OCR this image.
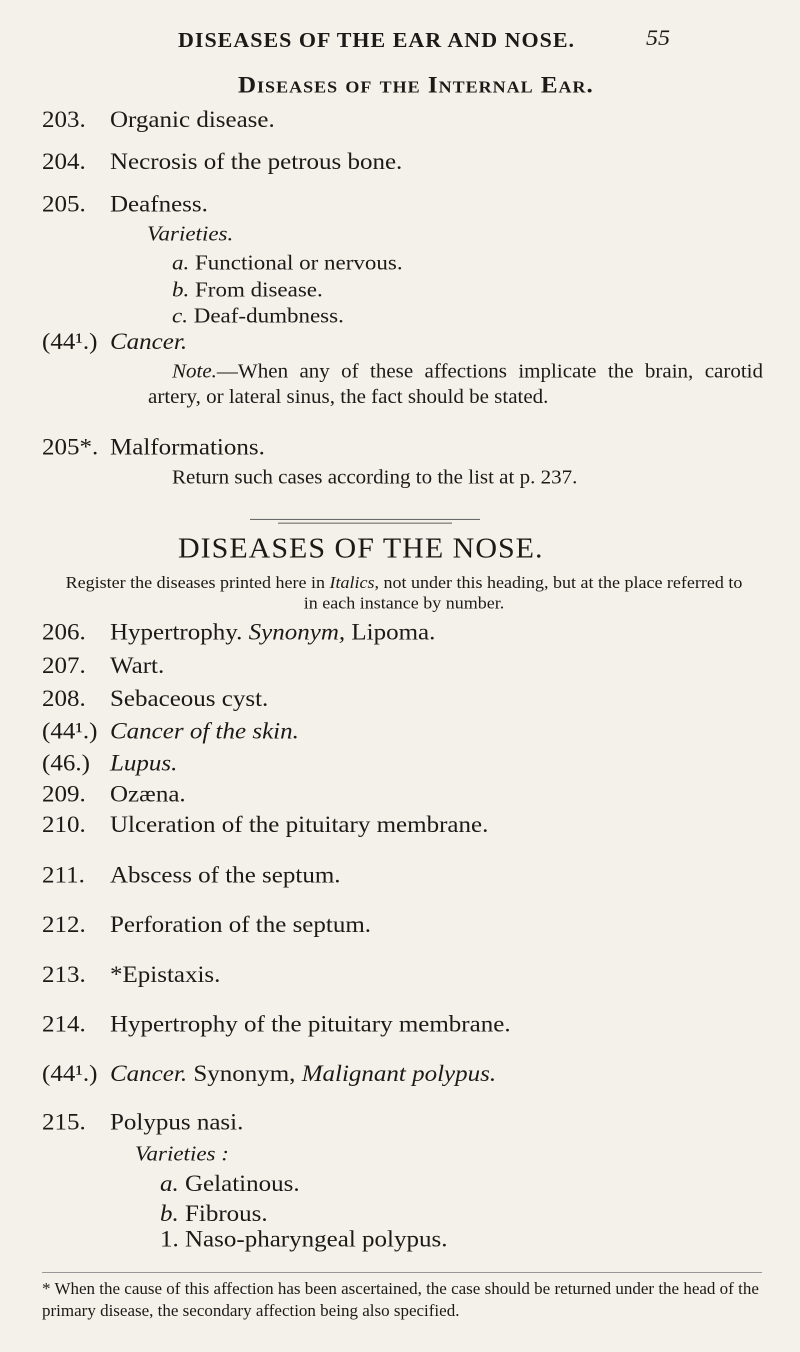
DISEASES OF THE EAR AND NOSE.	55
Diseases of the Internal Ear.
203. Organic disease.
204. Necrosis of the petrous bone.
205. Deafness.
Varieties.
a. Functional or nervous.
b. From disease.
c. Deaf-dumbness.
(44¹.) Cancer.
Note.—When any of these affections implicate the brain, carotid artery, or lateral sinus, the fact should be stated.
205*. Malformations.
Return such cases according to the list at p. 237.
DISEASES OF THE NOSE.
Register the diseases printed here in Italics, not under this heading, but at the place referred to in each instance by number.
206. Hypertrophy. Synonym, Lipoma.
207. Wart.
208. Sebaceous cyst.
(44¹.) Cancer of the skin.
(46.) Lupus.
209. Ozæna.
210. Ulceration of the pituitary membrane.
211. Abscess of the septum.
212. Perforation of the septum.
213. *Epistaxis.
214. Hypertrophy of the pituitary membrane.
(44¹.) Cancer. Synonym, Malignant polypus.
215. Polypus nasi.
Varieties :
a. Gelatinous.
b. Fibrous.
1. Naso-pharyngeal polypus.
* When the cause of this affection has been ascertained, the case should be returned under the head of the primary disease, the secondary affection being also specified.
